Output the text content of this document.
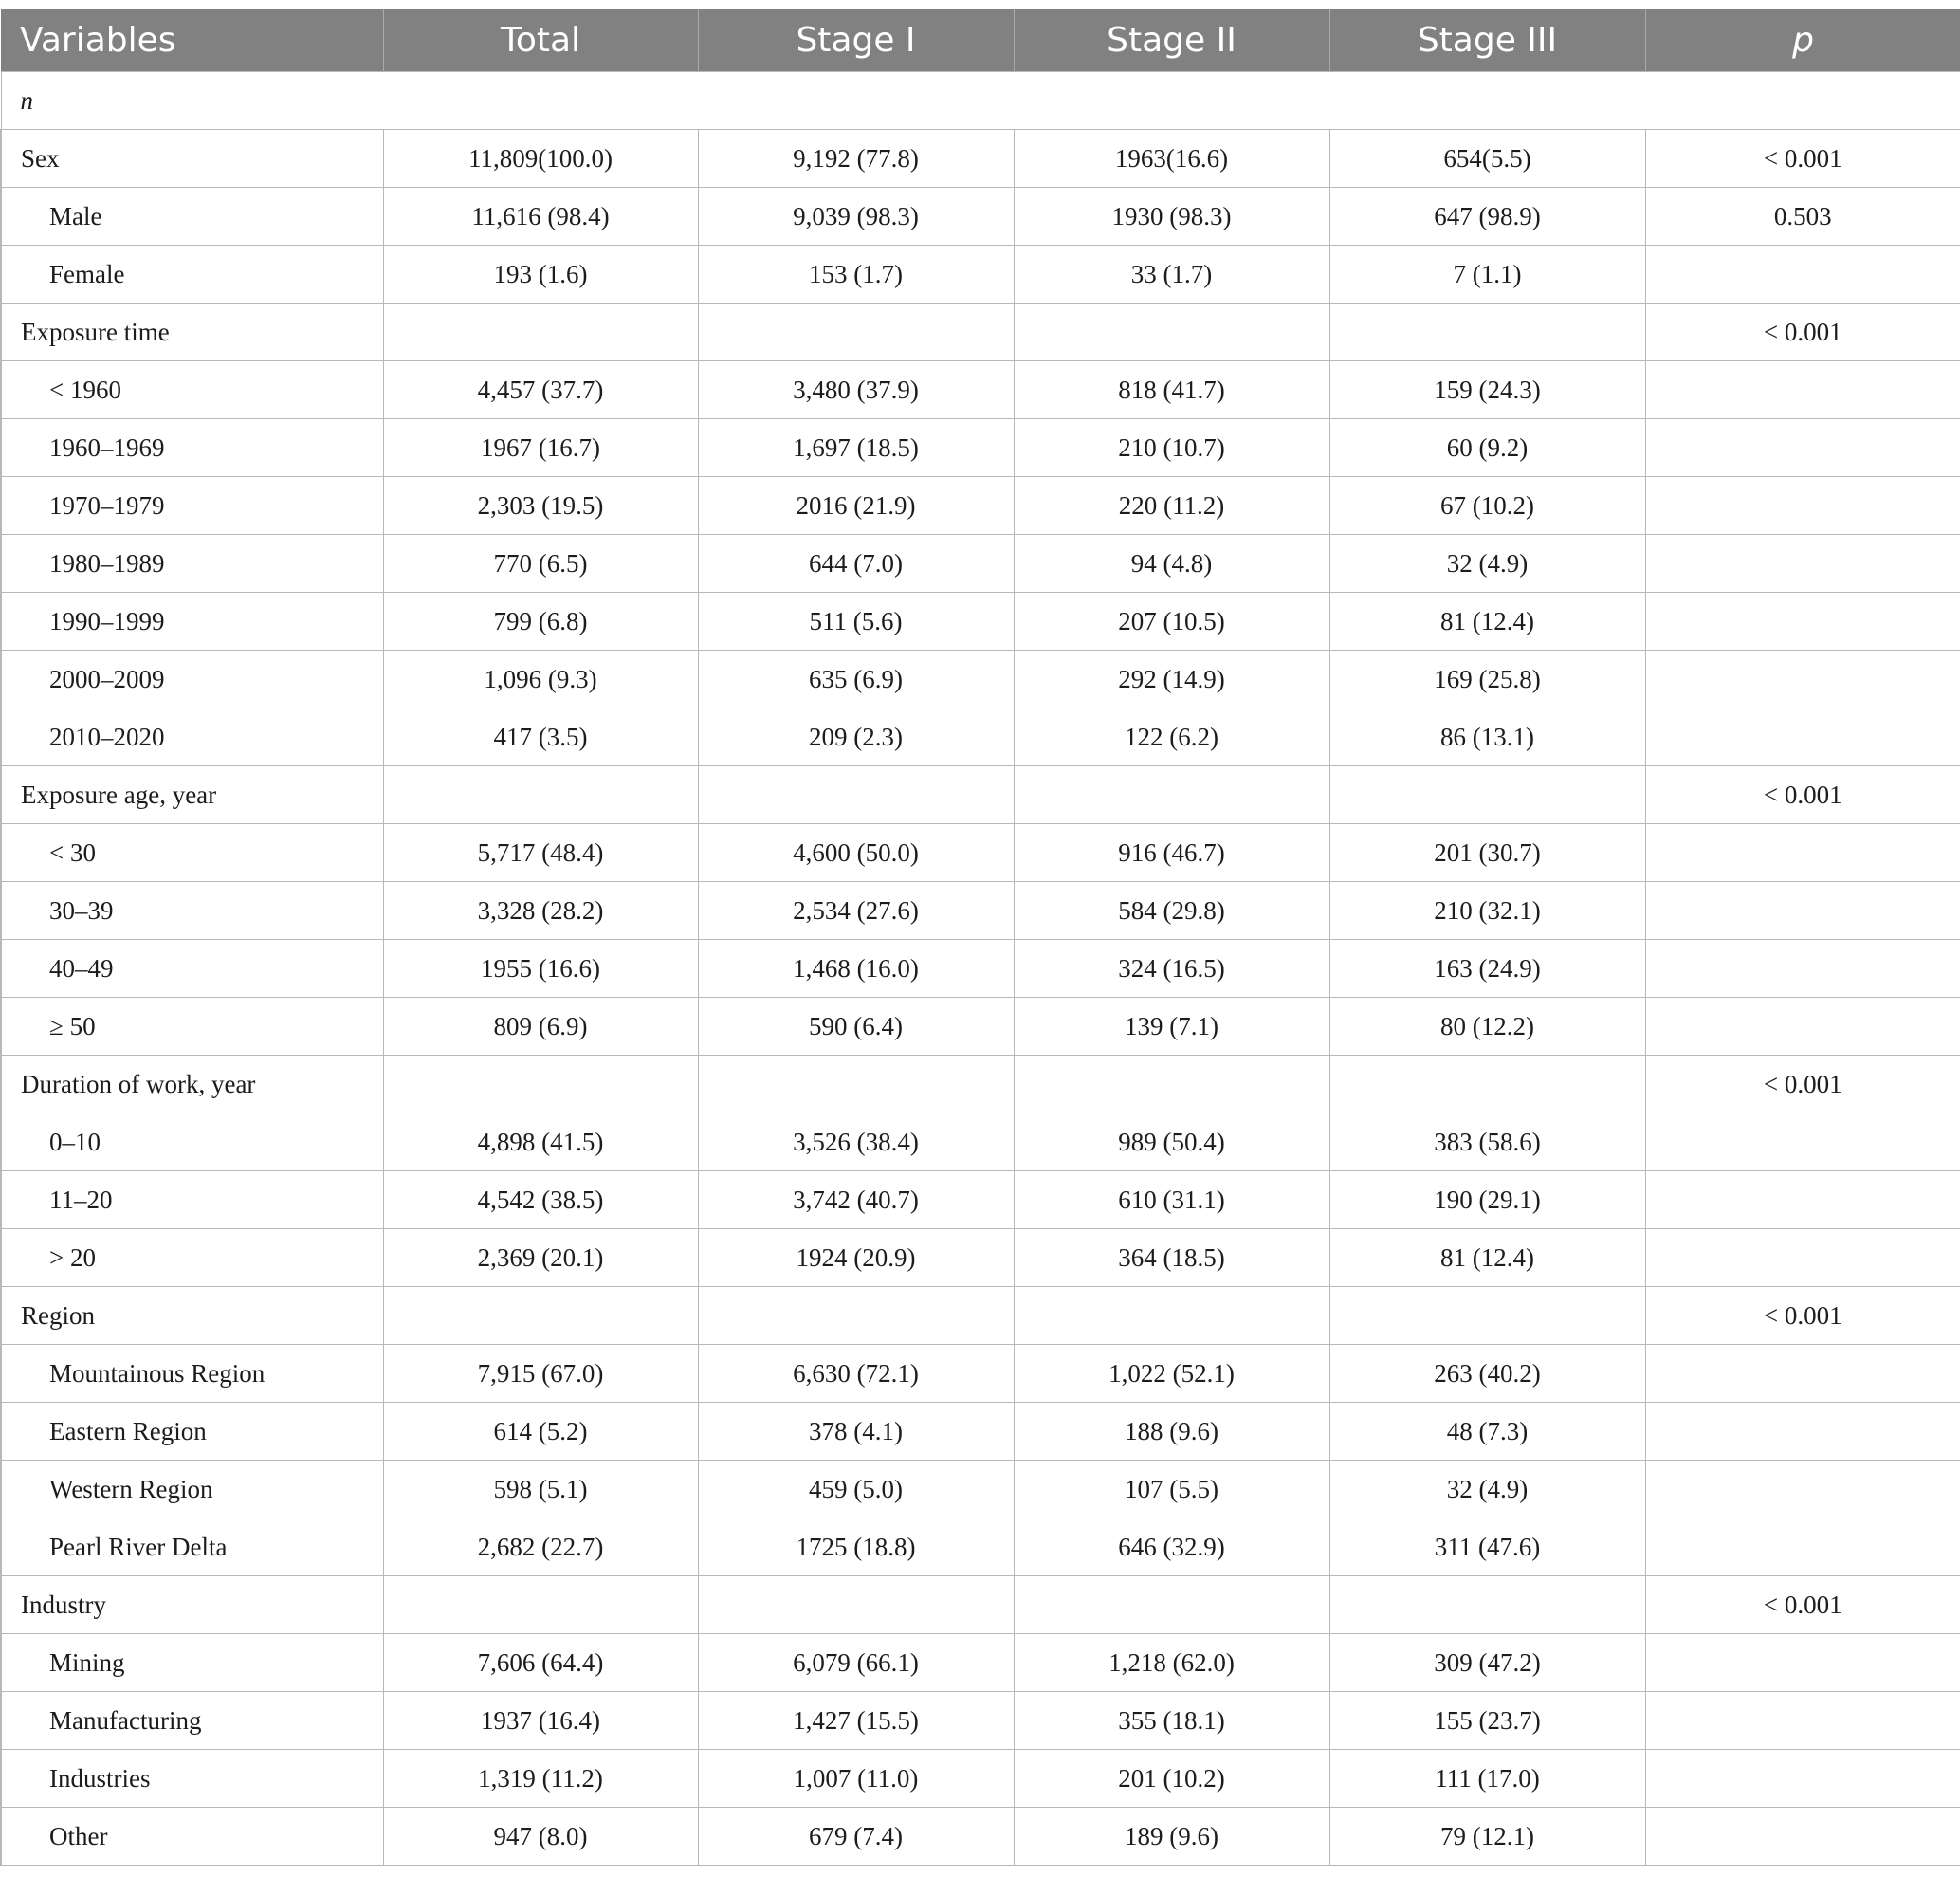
Variables	Total	Stage I	Stage II	Stage III	p
n					
Sex	11,809(100.0)	9,192 (77.8)	1963(16.6)	654(5.5)	< 0.001
Male	11,616 (98.4)	9,039 (98.3)	1930 (98.3)	647 (98.9)	0.503
Female	193 (1.6)	153 (1.7)	33 (1.7)	7 (1.1)	
Exposure time					< 0.001
< 1960	4,457 (37.7)	3,480 (37.9)	818 (41.7)	159 (24.3)	
1960–1969	1967 (16.7)	1,697 (18.5)	210 (10.7)	60 (9.2)	
1970–1979	2,303 (19.5)	2016 (21.9)	220 (11.2)	67 (10.2)	
1980–1989	770 (6.5)	644 (7.0)	94 (4.8)	32 (4.9)	
1990–1999	799 (6.8)	511 (5.6)	207 (10.5)	81 (12.4)	
2000–2009	1,096 (9.3)	635 (6.9)	292 (14.9)	169 (25.8)	
2010–2020	417 (3.5)	209 (2.3)	122 (6.2)	86 (13.1)	
Exposure age, year					< 0.001
< 30	5,717 (48.4)	4,600 (50.0)	916 (46.7)	201 (30.7)	
30–39	3,328 (28.2)	2,534 (27.6)	584 (29.8)	210 (32.1)	
40–49	1955 (16.6)	1,468 (16.0)	324 (16.5)	163 (24.9)	
≥ 50	809 (6.9)	590 (6.4)	139 (7.1)	80 (12.2)	
Duration of work, year					< 0.001
0–10	4,898 (41.5)	3,526 (38.4)	989 (50.4)	383 (58.6)	
11–20	4,542 (38.5)	3,742 (40.7)	610 (31.1)	190 (29.1)	
> 20	2,369 (20.1)	1924 (20.9)	364 (18.5)	81 (12.4)	
Region					< 0.001
Mountainous Region	7,915 (67.0)	6,630 (72.1)	1,022 (52.1)	263 (40.2)	
Eastern Region	614 (5.2)	378 (4.1)	188 (9.6)	48 (7.3)	
Western Region	598 (5.1)	459 (5.0)	107 (5.5)	32 (4.9)	
Pearl River Delta	2,682 (22.7)	1725 (18.8)	646 (32.9)	311 (47.6)	
Industry					< 0.001
Mining	7,606 (64.4)	6,079 (66.1)	1,218 (62.0)	309 (47.2)	
Manufacturing	1937 (16.4)	1,427 (15.5)	355 (18.1)	155 (23.7)	
Industries	1,319 (11.2)	1,007 (11.0)	201 (10.2)	111 (17.0)	
Other	947 (8.0)	679 (7.4)	189 (9.6)	79 (12.1)	
